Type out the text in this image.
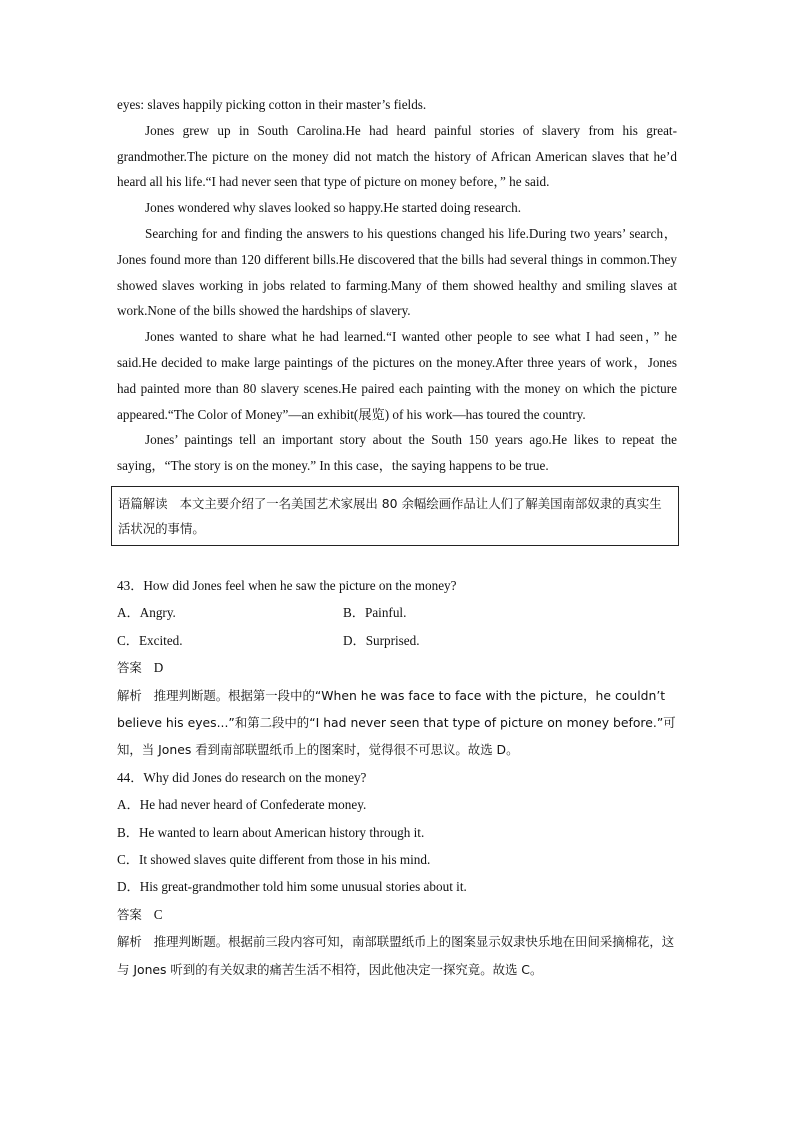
eyes: slaves happily picking cotton in their master’s fields.

Jones grew up in South Carolina.He had heard painful stories of slavery from his great-grandmother.The picture on the money did not match the history of African American slaves that he’d heard all his life.“I had never seen that type of picture on money before，” he said.

Jones wondered why slaves looked so happy.He started doing research.

Searching for and finding the answers to his questions changed his life.During two years’ search，Jones found more than 120 different bills.He discovered that the bills had several things in common.They showed slaves working in jobs related to farming.Many of them showed healthy and smiling slaves at work.None of the bills showed the hardships of slavery.

Jones wanted to share what he had learned.“I wanted other people to see what I had seen，” he said.He decided to make large paintings of the pictures on the money.After three years of work，Jones had painted more than 80 slavery scenes.He paired each painting with the money on which the picture appeared.“The Color of Money”—an exhibit(展览) of his work—has toured the country.

Jones’ paintings tell an important story about the South 150 years ago.He likes to repeat the saying，“The story is on the money.” In this case，the saying happens to be true.

语篇解读 本文主要介绍了一名美国艺术家展出 80 余幅绘画作品让人们了解美国南部奴隶的真实生活状况的事情。

43．How did Jones feel when he saw the picture on the money?

A．Angry.	B．Painful.
C．Excited.	D．Surprised.

答案 D

解析 推理判断题。根据第一段中的“When he was face to face with the picture，he couldn’t believe his eyes...”和第二段中的“I had never seen that type of picture on money before.”可知，当 Jones 看到南部联盟纸币上的图案时，觉得很不可思议。故选 D。

44．Why did Jones do research on the money?

A．He had never heard of Confederate money.

B．He wanted to learn about American history through it.

C．It showed slaves quite different from those in his mind.

D．His great-grandmother told him some unusual stories about it.

答案 C

解析 推理判断题。根据前三段内容可知，南部联盟纸币上的图案显示奴隶快乐地在田间采摘棉花，这与 Jones 听到的有关奴隶的痛苦生活不相符，因此他决定一探究竟。故选 C。
